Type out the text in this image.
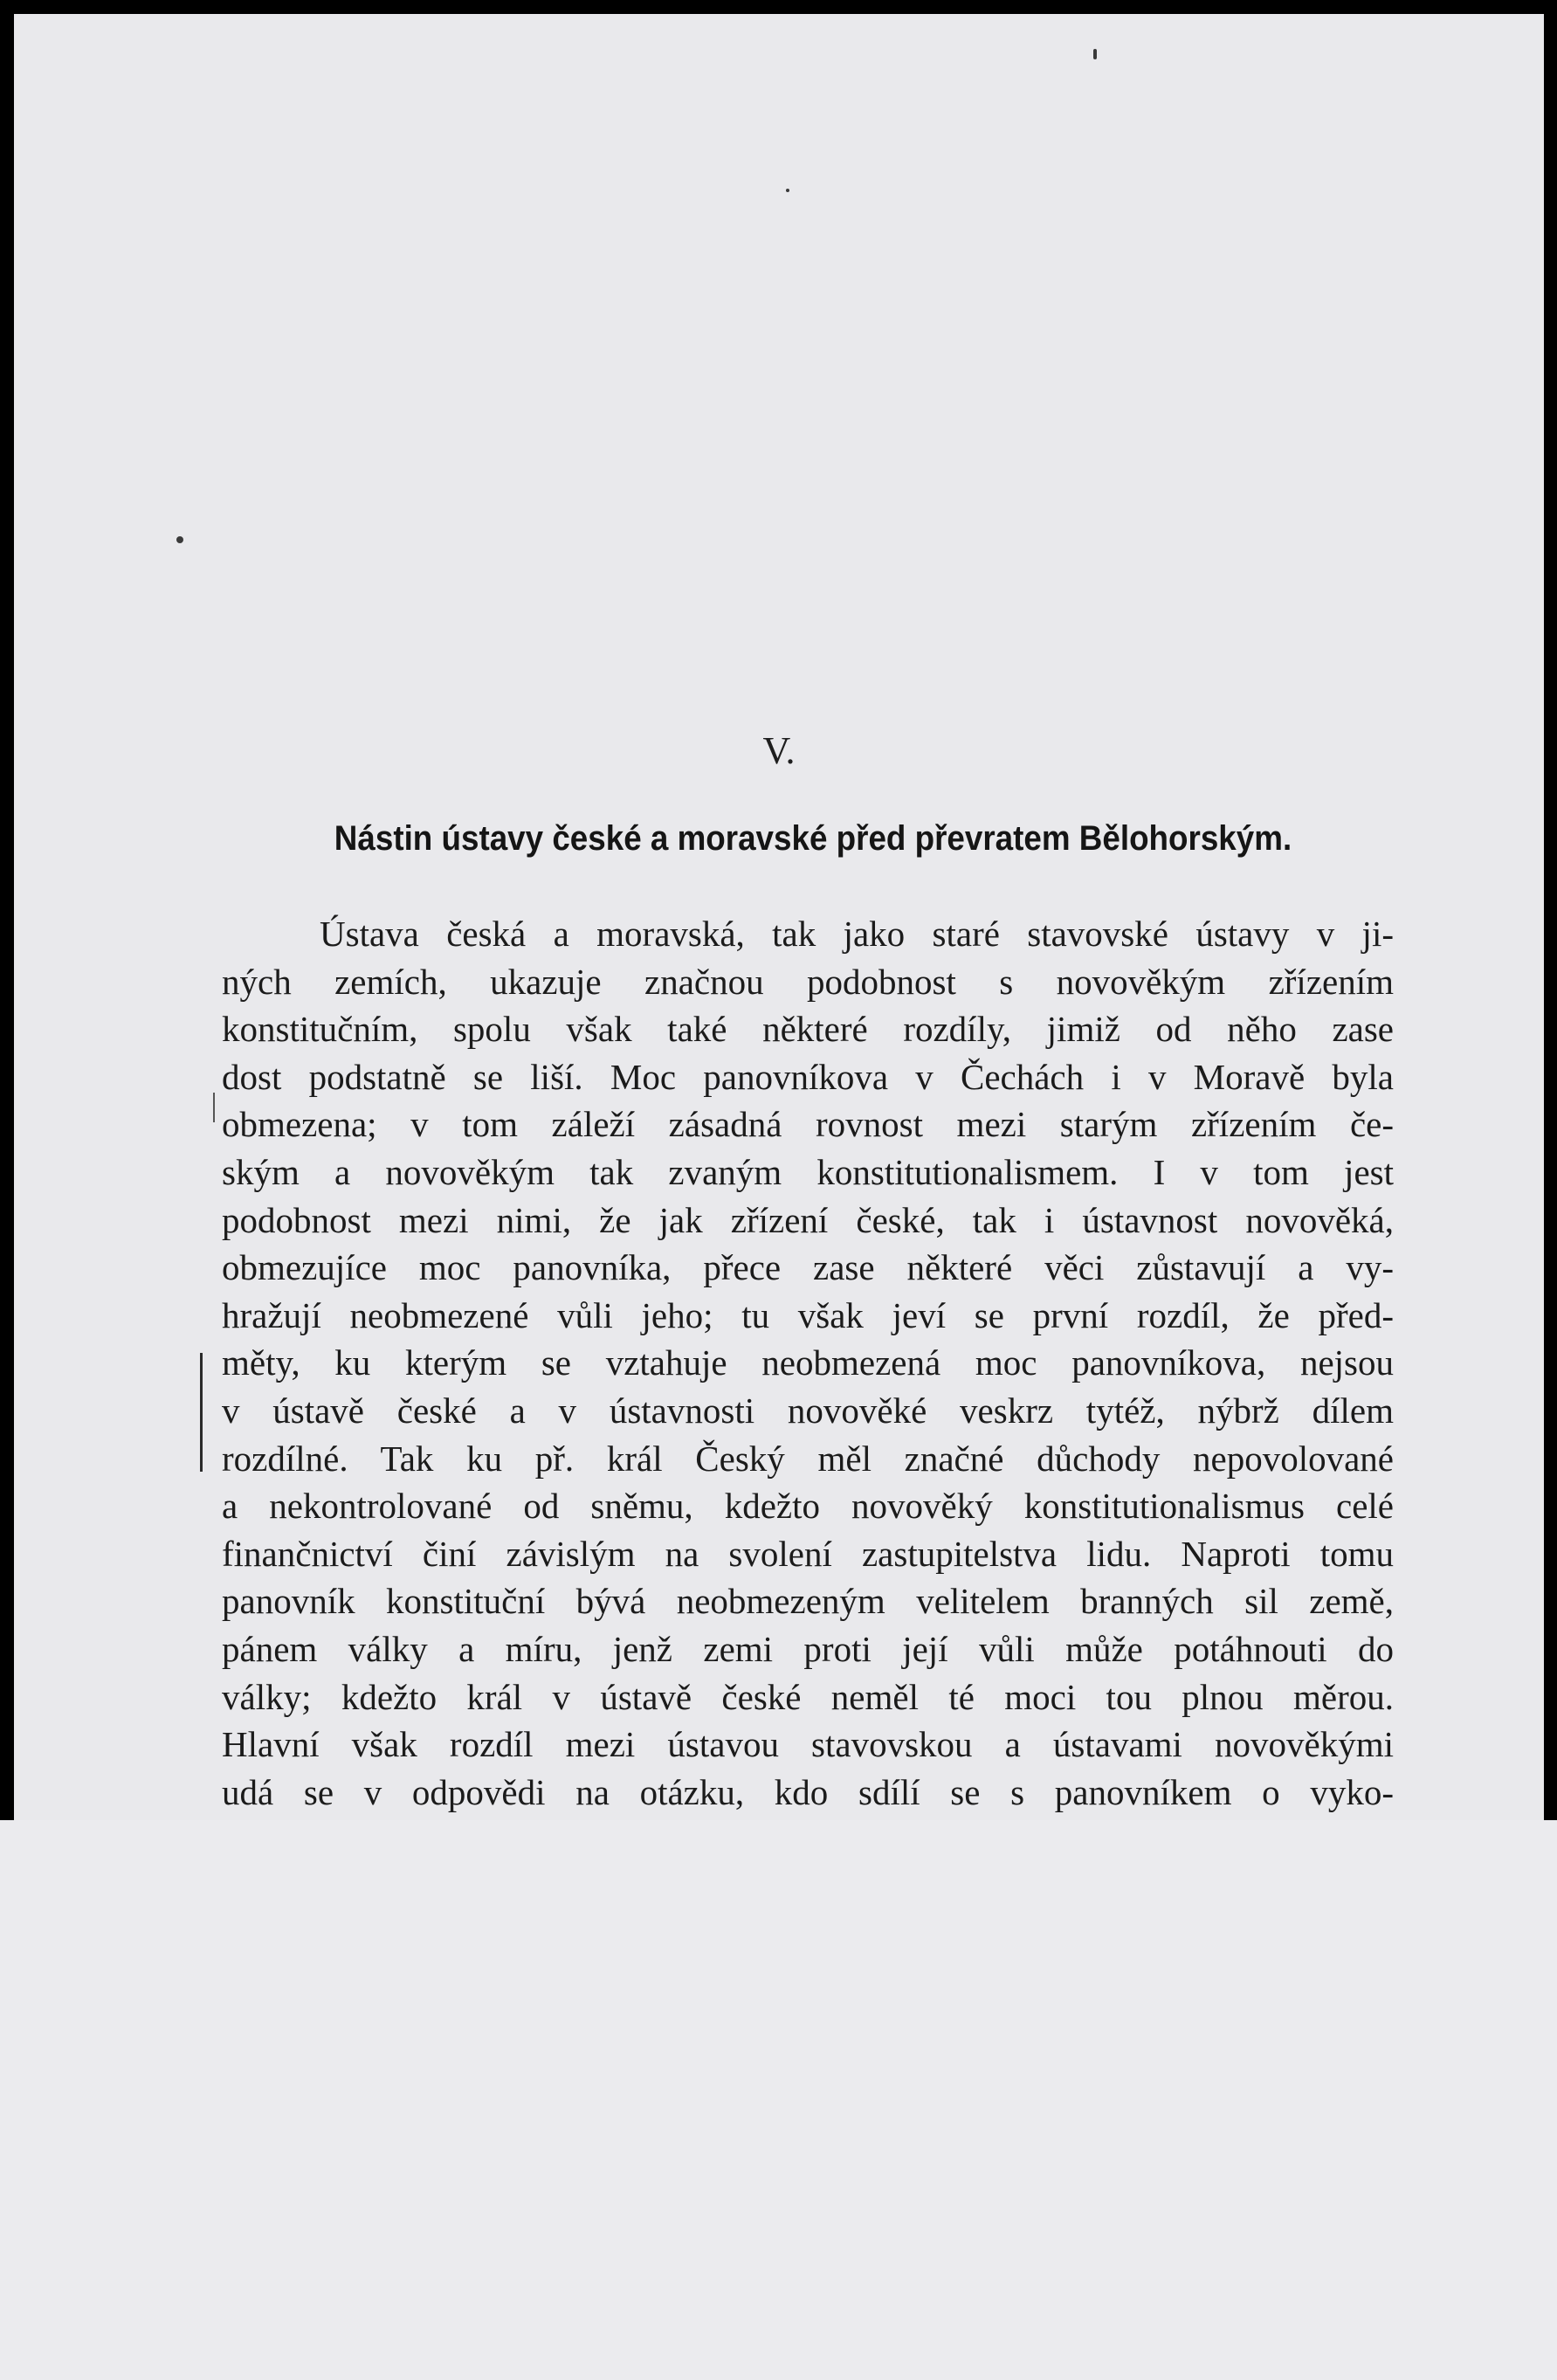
V.
Nástin ústavy české a moravské před převratem Bělohorským.
Ústava česká a moravská, tak jako staré stavovské ústavy v ji-
ných zemích, ukazuje značnou podobnost s novověkým zřízením
konstitučním, spolu však také některé rozdíly, jimiž od něho zase
dost podstatně se liší. Moc panovníkova v Čechách i v Moravě byla
obmezena; v tom záleží zásadná rovnost mezi starým zřízením če-
ským a novověkým tak zvaným konstitutionalismem. I v tom jest
podobnost mezi nimi, že jak zřízení české, tak i ústavnost novověká,
obmezujíce moc panovníka, přece zase některé věci zůstavují a vy-
hražují neobmezené vůli jeho; tu však jeví se první rozdíl, že před-
měty, ku kterým se vztahuje neobmezená moc panovníkova, nejsou
v ústavě české a v ústavnosti novověké veskrz tytéž, nýbrž dílem
rozdílné. Tak ku př. král Český měl značné důchody nepovolované
a nekontrolované od sněmu, kdežto novověký konstitutionalismus celé
finančnictví činí závislým na svolení zastupitelstva lidu. Naproti tomu
panovník konstituční bývá neobmezeným velitelem branných sil země,
pánem války a míru, jenž zemi proti její vůli může potáhnouti do
války; kdežto král v ústavě české neměl té moci tou plnou měrou.
Hlavní však rozdíl mezi ústavou stavovskou a ústavami novověkými
udá se v odpovědi na otázku, kdo sdílí se s panovníkem o vyko-
